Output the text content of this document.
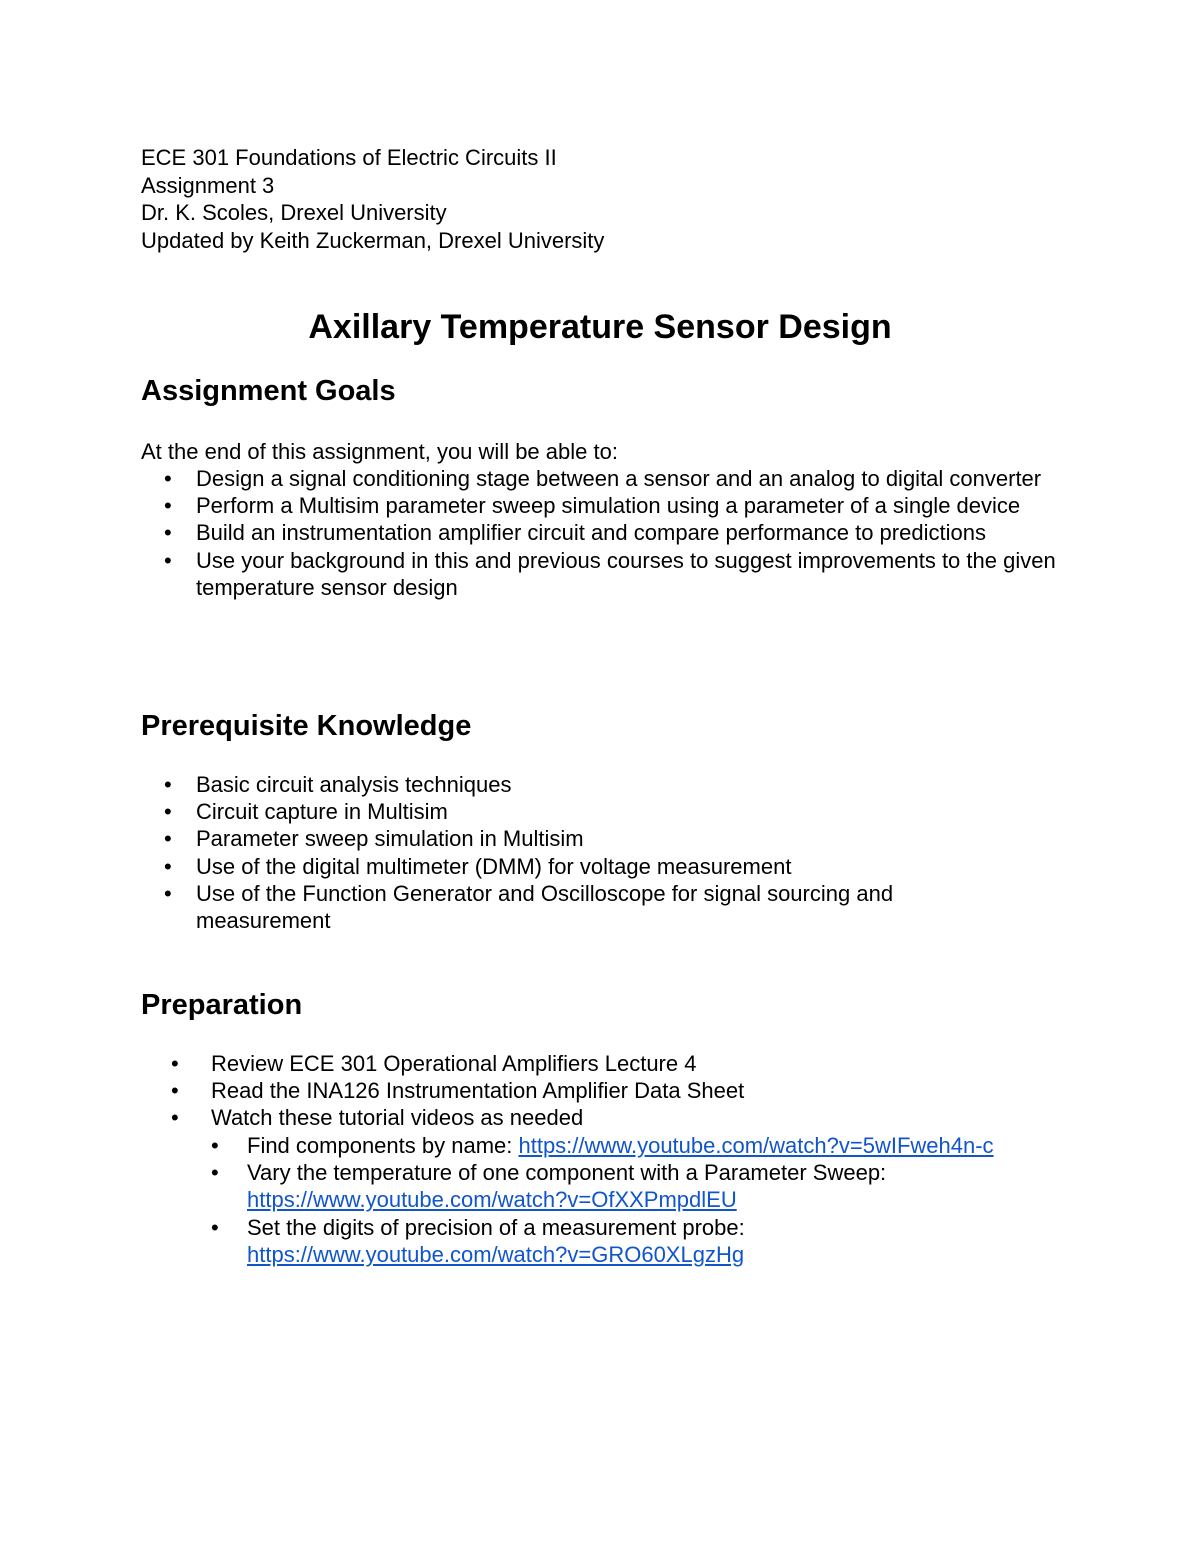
ECE 301 Foundations of Electric Circuits II
Assignment 3
Dr. K. Scoles, Drexel University
Updated by Keith Zuckerman, Drexel University
Axillary Temperature Sensor Design
Assignment Goals
At the end of this assignment, you will be able to:
• Design a signal conditioning stage between a sensor and an analog to digital converter
• Perform a Multisim parameter sweep simulation using a parameter of a single device
• Build an instrumentation amplifier circuit and compare performance to predictions
• Use your background in this and previous courses to suggest improvements to the given temperature sensor design
Prerequisite Knowledge
• Basic circuit analysis techniques
• Circuit capture in Multisim
• Parameter sweep simulation in Multisim
• Use of the digital multimeter (DMM) for voltage measurement
• Use of the Function Generator and Oscilloscope for signal sourcing and measurement
Preparation
• Review ECE 301 Operational Amplifiers Lecture 4
• Read the INA126 Instrumentation Amplifier Data Sheet
• Watch these tutorial videos as needed
• Find components by name: https://www.youtube.com/watch?v=5wIFweh4n-c
• Vary the temperature of one component with a Parameter Sweep:
https://www.youtube.com/watch?v=OfXXPmpdlEU
• Set the digits of precision of a measurement probe:
https://www.youtube.com/watch?v=GRO60XLgzHg
